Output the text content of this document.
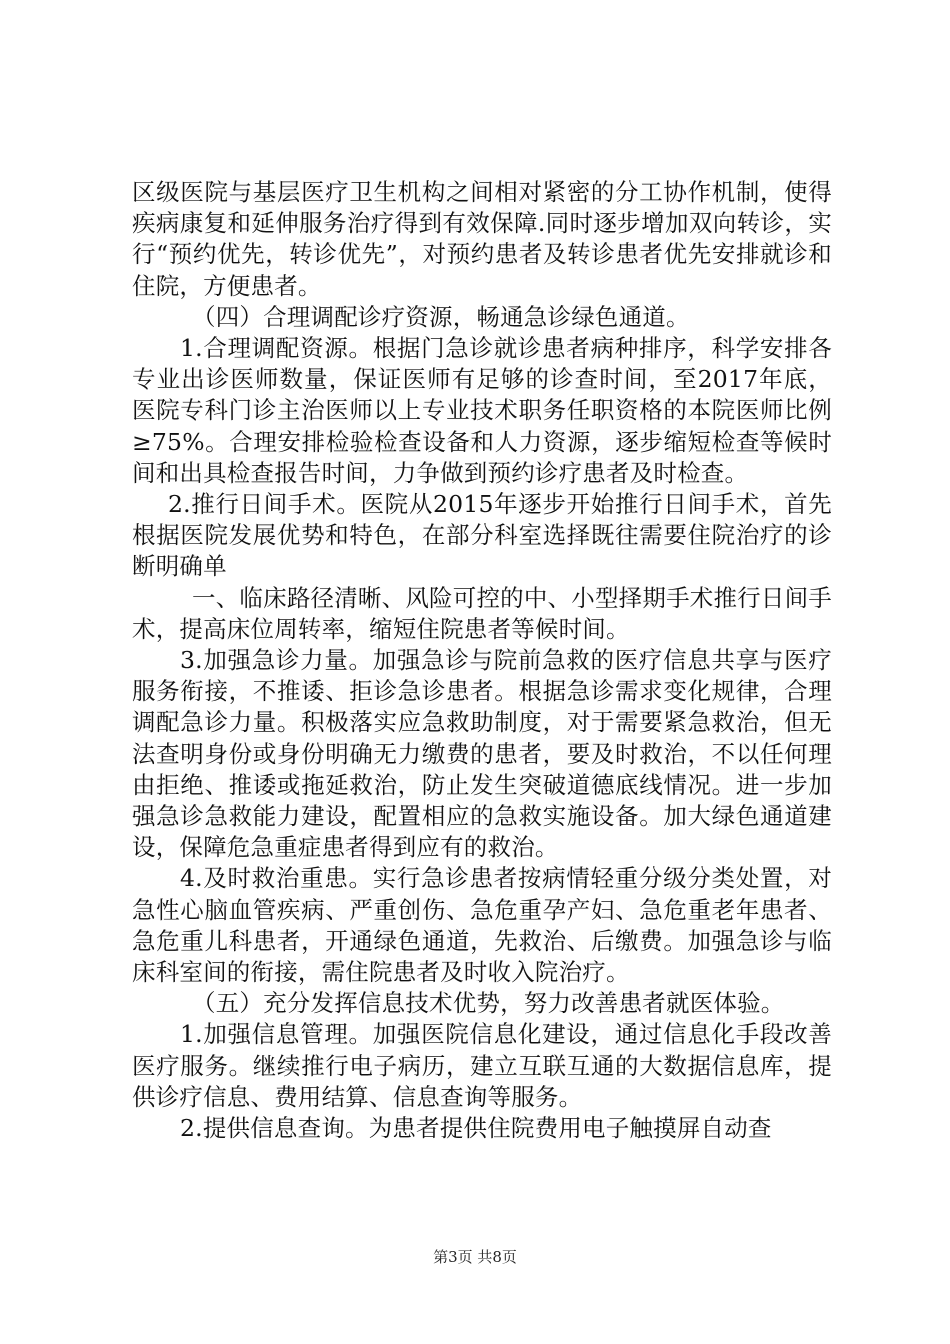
区级医院与基层医疗卫生机构之间相对紧密的分工协作机制，使得疾病康复和延伸服务治疗得到有效保障.同时逐步增加双向转诊，实行“预约优先，转诊优先”，对预约患者及转诊患者优先安排就诊和住院，方便患者。

（四）合理调配诊疗资源，畅通急诊绿色通道。

1.合理调配资源。根据门急诊就诊患者病种排序，科学安排各专业出诊医师数量，保证医师有足够的诊查时间，至2017年底，医院专科门诊主治医师以上专业技术职务任职资格的本院医师比例≥75%。合理安排检验检查设备和人力资源，逐步缩短检查等候时间和出具检查报告时间，力争做到预约诊疗患者及时检查。

2.推行日间手术。医院从2015年逐步开始推行日间手术，首先根据医院发展优势和特色，在部分科室选择既往需要住院治疗的诊断明确单

一、临床路径清晰、风险可控的中、小型择期手术推行日间手术，提高床位周转率，缩短住院患者等候时间。

3.加强急诊力量。加强急诊与院前急救的医疗信息共享与医疗服务衔接，不推诿、拒诊急诊患者。根据急诊需求变化规律，合理调配急诊力量。积极落实应急救助制度，对于需要紧急救治，但无法查明身份或身份明确无力缴费的患者，要及时救治，不以任何理由拒绝、推诿或拖延救治，防止发生突破道德底线情况。进一步加强急诊急救能力建设，配置相应的急救实施设备。加大绿色通道建设，保障危急重症患者得到应有的救治。

4.及时救治重患。实行急诊患者按病情轻重分级分类处置，对急性心脑血管疾病、严重创伤、急危重孕产妇、急危重老年患者、急危重儿科患者，开通绿色通道，先救治、后缴费。加强急诊与临床科室间的衔接，需住院患者及时收入院治疗。

（五）充分发挥信息技术优势，努力改善患者就医体验。

1.加强信息管理。加强医院信息化建设，通过信息化手段改善医疗服务。继续推行电子病历，建立互联互通的大数据信息库，提供诊疗信息、费用结算、信息查询等服务。

2.提供信息查询。为患者提供住院费用电子触摸屏自动查

第3页 共8页
